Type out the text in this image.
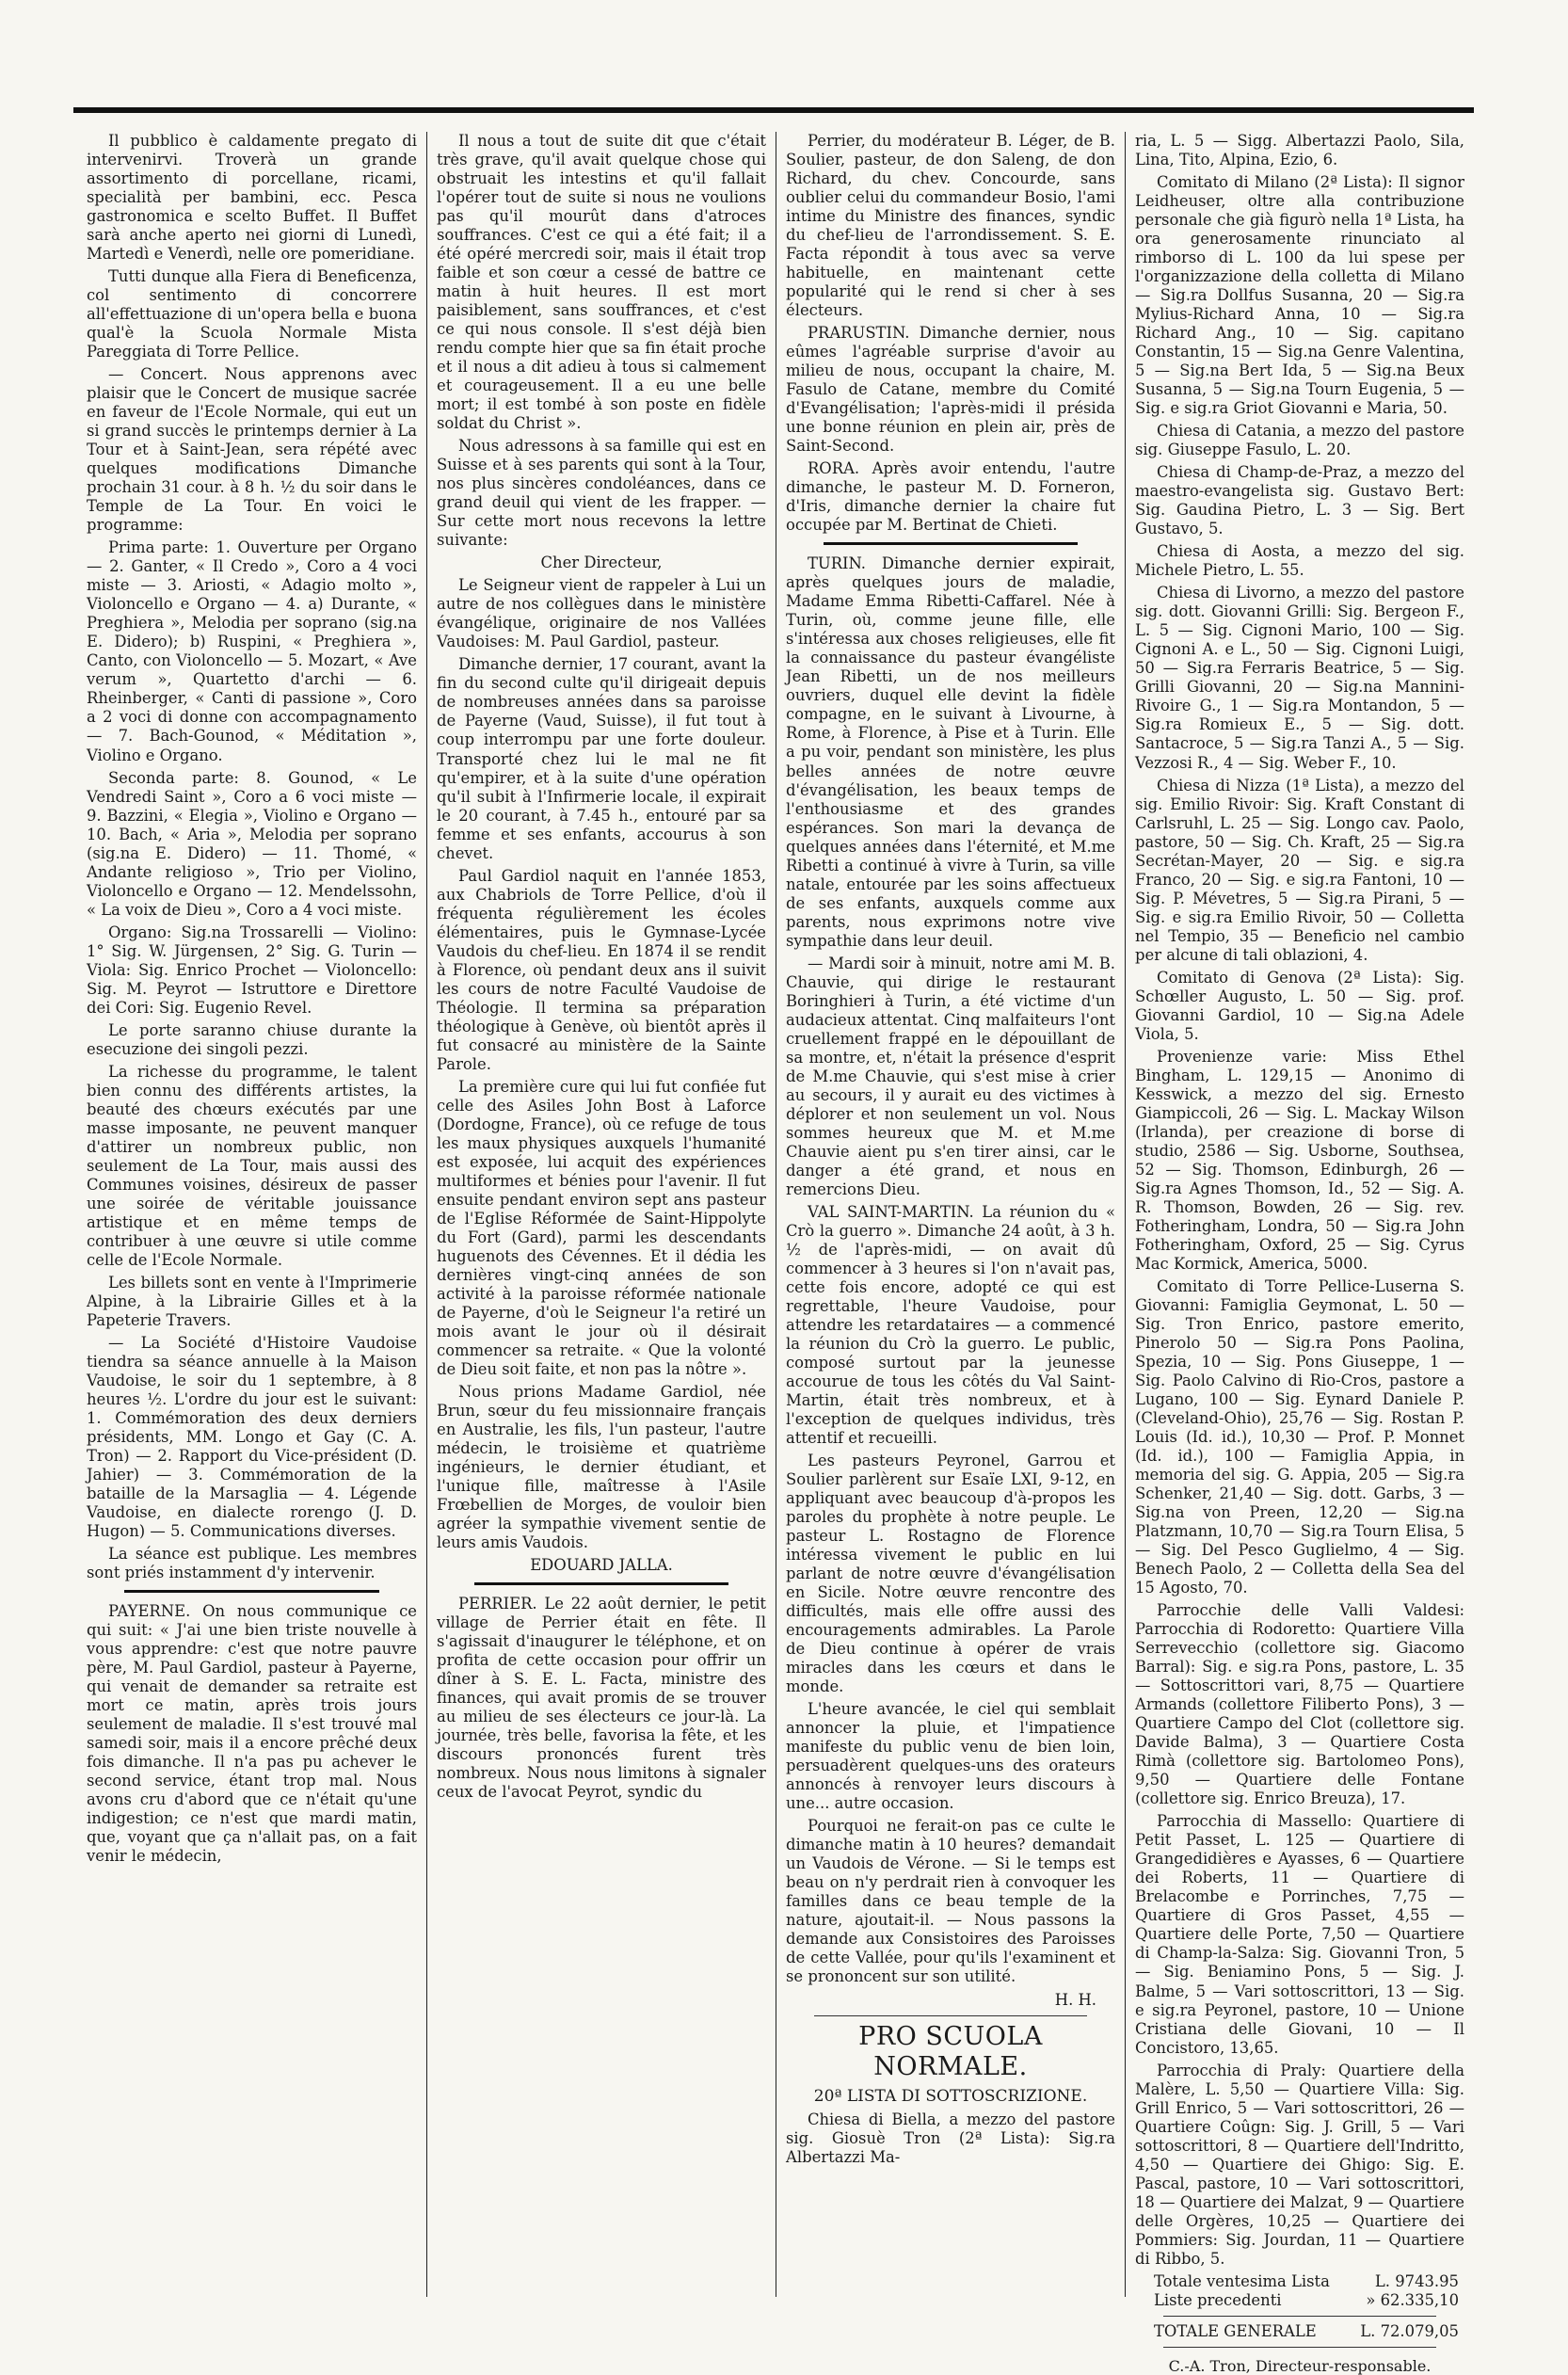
Il pubblico è caldamente pregato di intervenirvi. Troverà un grande assortimento di porcellane, ricami, specialità per bambini, ecc. Pesca gastronomica e scelto Buffet. Il Buffet sarà anche aperto nei giorni di Lunedì, Martedì e Venerdì, nelle ore pomeridiane.

Tutti dunque alla Fiera di Beneficenza, col sentimento di concorrere all'effettuazione di un'opera bella e buona qual'è la Scuola Normale Mista Pareggiata di Torre Pellice.

— Concert. Nous apprenons avec plaisir que le Concert de musique sacrée en faveur de l'Ecole Normale, qui eut un si grand succès le printemps dernier à La Tour et à Saint-Jean, sera répété avec quelques modifications Dimanche prochain 31 cour. à 8 h. ½ du soir dans le Temple de La Tour. En voici le programme:

Prima parte: 1. Ouverture per Organo — 2. Ganter, « Il Credo », Coro a 4 voci miste — 3. Ariosti, « Adagio molto », Violoncello e Organo — 4. a) Durante, « Preghiera », Melodia per soprano (sig.na E. Didero); b) Ruspini, « Preghiera », Canto, con Violoncello — 5. Mozart, « Ave verum », Quartetto d'archi — 6. Rheinberger, « Canti di passione », Coro a 2 voci di donne con accompagnamento — 7. Bach-Gounod, « Méditation », Violino e Organo.

Seconda parte: 8. Gounod, « Le Vendredi Saint », Coro a 6 voci miste — 9. Bazzini, « Elegia », Violino e Organo — 10. Bach, « Aria », Melodia per soprano (sig.na E. Didero) — 11. Thomé, « Andante religioso », Trio per Violino, Violoncello e Organo — 12. Mendelssohn, « La voix de Dieu », Coro a 4 voci miste.

Organo: Sig.na Trossarelli — Violino: 1° Sig. W. Jürgensen, 2° Sig. G. Turin — Viola: Sig. Enrico Prochet — Violoncello: Sig. M. Peyrot — Istruttore e Direttore dei Cori: Sig. Eugenio Revel.

Le porte saranno chiuse durante la esecuzione dei singoli pezzi.

La richesse du programme, le talent bien connu des différents artistes, la beauté des chœurs exécutés par une masse imposante, ne peuvent manquer d'attirer un nombreux public, non seulement de La Tour, mais aussi des Communes voisines, désireux de passer une soirée de véritable jouissance artistique et en même temps de contribuer à une œuvre si utile comme celle de l'Ecole Normale.

Les billets sont en vente à l'Imprimerie Alpine, à la Librairie Gilles et à la Papeterie Travers.

— La Société d'Histoire Vaudoise tiendra sa séance annuelle à la Maison Vaudoise, le soir du 1 septembre, à 8 heures ½. L'ordre du jour est le suivant: 1. Commémoration des deux derniers présidents, MM. Longo et Gay (C. A. Tron) — 2. Rapport du Vice-président (D. Jahier) — 3. Commémoration de la bataille de la Marsaglia — 4. Légende Vaudoise, en dialecte rorengo (J. D. Hugon) — 5. Communications diverses.

La séance est publique. Les membres sont priés instamment d'y intervenir.

PAYERNE. On nous communique ce qui suit: « J'ai une bien triste nouvelle à vous apprendre: c'est que notre pauvre père, M. Paul Gardiol, pasteur à Payerne, qui venait de demander sa retraite est mort ce matin, après trois jours seulement de maladie. Il s'est trouvé mal samedi soir, mais il a encore prêché deux fois dimanche. Il n'a pas pu achever le second service, étant trop mal. Nous avons cru d'abord que ce n'était qu'une indigestion; ce n'est que mardi matin, que, voyant que ça n'allait pas, on a fait venir le médecin,

Il nous a tout de suite dit que c'était très grave, qu'il avait quelque chose qui obstruait les intestins et qu'il fallait l'opérer tout de suite si nous ne voulions pas qu'il mourût dans d'atroces souffrances. C'est ce qui a été fait; il a été opéré mercredi soir, mais il était trop faible et son cœur a cessé de battre ce matin à huit heures. Il est mort paisiblement, sans souffrances, et c'est ce qui nous console. Il s'est déjà bien rendu compte hier que sa fin était proche et il nous a dit adieu à tous si calmement et courageusement. Il a eu une belle mort; il est tombé à son poste en fidèle soldat du Christ ».

Nous adressons à sa famille qui est en Suisse et à ses parents qui sont à la Tour, nos plus sincères condoléances, dans ce grand deuil qui vient de les frapper. — Sur cette mort nous recevons la lettre suivante:

Cher Directeur,

Le Seigneur vient de rappeler à Lui un autre de nos collègues dans le ministère évangélique, originaire de nos Vallées Vaudoises: M. Paul Gardiol, pasteur.

Dimanche dernier, 17 courant, avant la fin du second culte qu'il dirigeait depuis de nombreuses années dans sa paroisse de Payerne (Vaud, Suisse), il fut tout à coup interrompu par une forte douleur. Transporté chez lui le mal ne fit qu'empirer, et à la suite d'une opération qu'il subit à l'Infirmerie locale, il expirait le 20 courant, à 7.45 h., entouré par sa femme et ses enfants, accourus à son chevet.

Paul Gardiol naquit en l'année 1853, aux Chabriols de Torre Pellice, d'où il fréquenta régulièrement les écoles élémentaires, puis le Gymnase-Lycée Vaudois du chef-lieu. En 1874 il se rendit à Florence, où pendant deux ans il suivit les cours de notre Faculté Vaudoise de Théologie. Il termina sa préparation théologique à Genève, où bientôt après il fut consacré au ministère de la Sainte Parole.

La première cure qui lui fut confiée fut celle des Asiles John Bost à Laforce (Dordogne, France), où ce refuge de tous les maux physiques auxquels l'humanité est exposée, lui acquit des expériences multiformes et bénies pour l'avenir. Il fut ensuite pendant environ sept ans pasteur de l'Eglise Réformée de Saint-Hippolyte du Fort (Gard), parmi les descendants huguenots des Cévennes. Et il dédia les dernières vingt-cinq années de son activité à la paroisse réformée nationale de Payerne, d'où le Seigneur l'a retiré un mois avant le jour où il désirait commencer sa retraite. « Que la volonté de Dieu soit faite, et non pas la nôtre ».

Nous prions Madame Gardiol, née Brun, sœur du feu missionnaire français en Australie, les fils, l'un pasteur, l'autre médecin, le troisième et quatrième ingénieurs, le dernier étudiant, et l'unique fille, maîtresse à l'Asile Frœbellien de Morges, de vouloir bien agréer la sympathie vivement sentie de leurs amis Vaudois.

EDOUARD JALLA.

PERRIER. Le 22 août dernier, le petit village de Perrier était en fête. Il s'agissait d'inaugurer le téléphone, et on profita de cette occasion pour offrir un dîner à S. E. L. Facta, ministre des finances, qui avait promis de se trouver au milieu de ses électeurs ce jour-là. La journée, très belle, favorisa la fête, et les discours prononcés furent très nombreux. Nous nous limitons à signaler ceux de l'avocat Peyrot, syndic du

Perrier, du modérateur B. Léger, de B. Soulier, pasteur, de don Saleng, de don Richard, du chev. Concourde, sans oublier celui du commandeur Bosio, l'ami intime du Ministre des finances, syndic du chef-lieu de l'arrondissement. S. E. Facta répondit à tous avec sa verve habituelle, en maintenant cette popularité qui le rend si cher à ses électeurs.

PRARUSTIN. Dimanche dernier, nous eûmes l'agréable surprise d'avoir au milieu de nous, occupant la chaire, M. Fasulo de Catane, membre du Comité d'Evangélisation; l'après-midi il présida une bonne réunion en plein air, près de Saint-Second.

RORA. Après avoir entendu, l'autre dimanche, le pasteur M. D. Forneron, d'Iris, dimanche dernier la chaire fut occupée par M. Bertinat de Chieti.

TURIN. Dimanche dernier expirait, après quelques jours de maladie, Madame Emma Ribetti-Caffarel. Née à Turin, où, comme jeune fille, elle s'intéressa aux choses religieuses, elle fit la connaissance du pasteur évangéliste Jean Ribetti, un de nos meilleurs ouvriers, duquel elle devint la fidèle compagne, en le suivant à Livourne, à Rome, à Florence, à Pise et à Turin. Elle a pu voir, pendant son ministère, les plus belles années de notre œuvre d'évangélisation, les beaux temps de l'enthousiasme et des grandes espérances. Son mari la devança de quelques années dans l'éternité, et M.me Ribetti a continué à vivre à Turin, sa ville natale, entourée par les soins affectueux de ses enfants, auxquels comme aux parents, nous exprimons notre vive sympathie dans leur deuil.

— Mardi soir à minuit, notre ami M. B. Chauvie, qui dirige le restaurant Boringhieri à Turin, a été victime d'un audacieux attentat. Cinq malfaiteurs l'ont cruellement frappé en le dépouillant de sa montre, et, n'était la présence d'esprit de M.me Chauvie, qui s'est mise à crier au secours, il y aurait eu des victimes à déplorer et non seulement un vol. Nous sommes heureux que M. et M.me Chauvie aient pu s'en tirer ainsi, car le danger a été grand, et nous en remercions Dieu.

VAL SAINT-MARTIN. La réunion du « Crò la guerro ». Dimanche 24 août, à 3 h. ½ de l'après-midi, — on avait dû commencer à 3 heures si l'on n'avait pas, cette fois encore, adopté ce qui est regrettable, l'heure Vaudoise, pour attendre les retardataires — a commencé la réunion du Crò la guerro. Le public, composé surtout par la jeunesse accourue de tous les côtés du Val Saint-Martin, était très nombreux, et à l'exception de quelques individus, très attentif et recueilli.

Les pasteurs Peyronel, Garrou et Soulier parlèrent sur Esaïe LXI, 9-12, en appliquant avec beaucoup d'à-propos les paroles du prophète à notre peuple. Le pasteur L. Rostagno de Florence intéressa vivement le public en lui parlant de notre œuvre d'évangélisation en Sicile. Notre œuvre rencontre des difficultés, mais elle offre aussi des encouragements admirables. La Parole de Dieu continue à opérer de vrais miracles dans les cœurs et dans le monde.

L'heure avancée, le ciel qui semblait annoncer la pluie, et l'impatience manifeste du public venu de bien loin, persuadèrent quelques-uns des orateurs annoncés à renvoyer leurs discours à une... autre occasion.

Pourquoi ne ferait-on pas ce culte le dimanche matin à 10 heures? demandait un Vaudois de Vérone. — Si le temps est beau on n'y perdrait rien à convoquer les familles dans ce beau temple de la nature, ajoutait-il. — Nous passons la demande aux Consistoires des Paroisses de cette Vallée, pour qu'ils l'examinent et se prononcent sur son utilité.

H. H.

PRO SCUOLA NORMALE.

20ª LISTA DI SOTTOSCRIZIONE.

Chiesa di Biella, a mezzo del pastore sig. Giosuè Tron (2ª Lista): Sig.ra Albertazzi Ma-

ria, L. 5 — Sigg. Albertazzi Paolo, Sila, Lina, Tito, Alpina, Ezio, 6.

Comitato di Milano (2ª Lista): Il signor Leidheuser, oltre alla contribuzione personale che già figurò nella 1ª Lista, ha ora generosamente rinunciato al rimborso di L. 100 da lui spese per l'organizzazione della colletta di Milano — Sig.ra Dollfus Susanna, 20 — Sig.ra Mylius-Richard Anna, 10 — Sig.ra Richard Ang., 10 — Sig. capitano Constantin, 15 — Sig.na Genre Valentina, 5 — Sig.na Bert Ida, 5 — Sig.na Beux Susanna, 5 — Sig.na Tourn Eugenia, 5 — Sig. e sig.ra Griot Giovanni e Maria, 50.

Chiesa di Catania, a mezzo del pastore sig. Giuseppe Fasulo, L. 20.

Chiesa di Champ-de-Praz, a mezzo del maestro-evangelista sig. Gustavo Bert: Sig. Gaudina Pietro, L. 3 — Sig. Bert Gustavo, 5.

Chiesa di Aosta, a mezzo del sig. Michele Pietro, L. 55.

Chiesa di Livorno, a mezzo del pastore sig. dott. Giovanni Grilli: Sig. Bergeon F., L. 5 — Sig. Cignoni Mario, 100 — Sig. Cignoni A. e L., 50 — Sig. Cignoni Luigi, 50 — Sig.ra Ferraris Beatrice, 5 — Sig. Grilli Giovanni, 20 — Sig.na Mannini-Rivoire G., 1 — Sig.ra Montandon, 5 — Sig.ra Romieux E., 5 — Sig. dott. Santacroce, 5 — Sig.ra Tanzi A., 5 — Sig. Vezzosi R., 4 — Sig. Weber F., 10.

Chiesa di Nizza (1ª Lista), a mezzo del sig. Emilio Rivoir: Sig. Kraft Constant di Carlsruhl, L. 25 — Sig. Longo cav. Paolo, pastore, 50 — Sig. Ch. Kraft, 25 — Sig.ra Secrétan-Mayer, 20 — Sig. e sig.ra Franco, 20 — Sig. e sig.ra Fantoni, 10 — Sig. P. Mévetres, 5 — Sig.ra Pirani, 5 — Sig. e sig.ra Emilio Rivoir, 50 — Colletta nel Tempio, 35 — Beneficio nel cambio per alcune di tali oblazioni, 4.

Comitato di Genova (2ª Lista): Sig. Schœller Augusto, L. 50 — Sig. prof. Giovanni Gardiol, 10 — Sig.na Adele Viola, 5.

Provenienze varie: Miss Ethel Bingham, L. 129,15 — Anonimo di Kesswick, a mezzo del sig. Ernesto Giampiccoli, 26 — Sig. L. Mackay Wilson (Irlanda), per creazione di borse di studio, 2586 — Sig. Usborne, Southsea, 52 — Sig. Thomson, Edinburgh, 26 — Sig.ra Agnes Thomson, Id., 52 — Sig. A. R. Thomson, Bowden, 26 — Sig. rev. Fotheringham, Londra, 50 — Sig.ra John Fotheringham, Oxford, 25 — Sig. Cyrus Mac Kormick, America, 5000.

Comitato di Torre Pellice-Luserna S. Giovanni: Famiglia Geymonat, L. 50 — Sig. Tron Enrico, pastore emerito, Pinerolo 50 — Sig.ra Pons Paolina, Spezia, 10 — Sig. Pons Giuseppe, 1 — Sig. Paolo Calvino di Rio-Cros, pastore a Lugano, 100 — Sig. Eynard Daniele P. (Cleveland-Ohio), 25,76 — Sig. Rostan P. Louis (Id. id.), 10,30 — Prof. P. Monnet (Id. id.), 100 — Famiglia Appia, in memoria del sig. G. Appia, 205 — Sig.ra Schenker, 21,40 — Sig. dott. Garbs, 3 — Sig.na von Preen, 12,20 — Sig.na Platzmann, 10,70 — Sig.ra Tourn Elisa, 5 — Sig. Del Pesco Guglielmo, 4 — Sig. Benech Paolo, 2 — Colletta della Sea del 15 Agosto, 70.

Parrocchie delle Valli Valdesi: Parrocchia di Rodoretto: Quartiere Villa Serrevecchio (collettore sig. Giacomo Barral): Sig. e sig.ra Pons, pastore, L. 35 — Sottoscrittori vari, 8,75 — Quartiere Armands (collettore Filiberto Pons), 3 — Quartiere Campo del Clot (collettore sig. Davide Balma), 3 — Quartiere Costa Rimà (collettore sig. Bartolomeo Pons), 9,50 — Quartiere delle Fontane (collettore sig. Enrico Breuza), 17.

Parrocchia di Massello: Quartiere di Petit Passet, L. 125 — Quartiere di Grangedidières e Ayasses, 6 — Quartiere dei Roberts, 11 — Quartiere di Brelacombe e Porrinches, 7,75 — Quartiere di Gros Passet, 4,55 — Quartiere delle Porte, 7,50 — Quartiere di Champ-la-Salza: Sig. Giovanni Tron, 5 — Sig. Beniamino Pons, 5 — Sig. J. Balme, 5 — Vari sottoscrittori, 13 — Sig. e sig.ra Peyronel, pastore, 10 — Unione Cristiana delle Giovani, 10 — Il Concistoro, 13,65.

Parrocchia di Praly: Quartiere della Malère, L. 5,50 — Quartiere Villa: Sig. Grill Enrico, 5 — Vari sottoscrittori, 26 — Quartiere Coûgn: Sig. J. Grill, 5 — Vari sottoscrittori, 8 — Quartiere dell'Indritto, 4,50 — Quartiere dei Ghigo: Sig. E. Pascal, pastore, 10 — Vari sottoscrittori, 18 — Quartiere dei Malzat, 9 — Quartiere delle Orgères, 10,25 — Quartiere dei Pommiers: Sig. Jourdan, 11 — Quartiere di Ribbo, 5.

Totale ventesima Lista	L. 9743.95
Liste precedenti	» 62.335,10
TOTALE GENERALE	L. 72.079,05
C.-A. Tron, Directeur-responsable.
